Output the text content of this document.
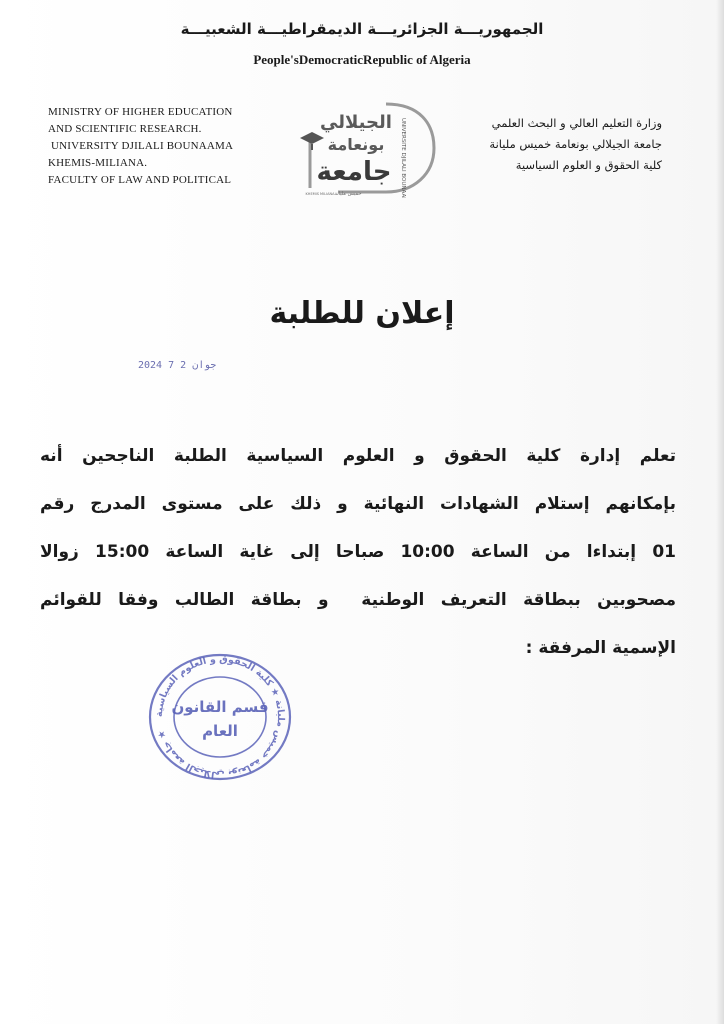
الجمهوريـــة الجزائريـــة الديمقراطيـــة الشعبيـــة
People'sDemocraticRepublic of Algeria
MINISTRY OF HIGHER EDUCATION
AND SCIENTIFIC RESEARCH.
UNIVERSITY DJILALI BOUNAAMA
KHEMIS-MILIANA.
FACULTY OF LAW AND POLITICAL
الجيلالي
بونعامة
جامعة UNIVERSITE DJILALI BOUNAAMA
خميس مليانة
KHEMIS MILIANA
وزارة التعليم العالي و البحث العلمي
جامعة الجيلالي بونعامة خميس مليانة
كلية الحقوق و العلوم السياسية
إعلان للطلبة
2024 جوان 2 7
تعلم إدارة كلية الحقوق و العلوم السياسية الطلبة الناجحين أنه
بإمكانهم إستلام الشهادات النهائية و ذلك على مستوى المدرج رقم
01 إبتداءا من الساعة 10:00 صباحا إلى غاية الساعة 15:00 زوالا
مصحوبين ببطاقة التعريف الوطنية  و بطاقة الطالب وفقا للقوائم
الإسمية المرفقة :
جامعة الجيلالي بونعامة خميس مليانة ★ كلية الحقوق و العلوم السياسية ★
قسم القانون
العام
